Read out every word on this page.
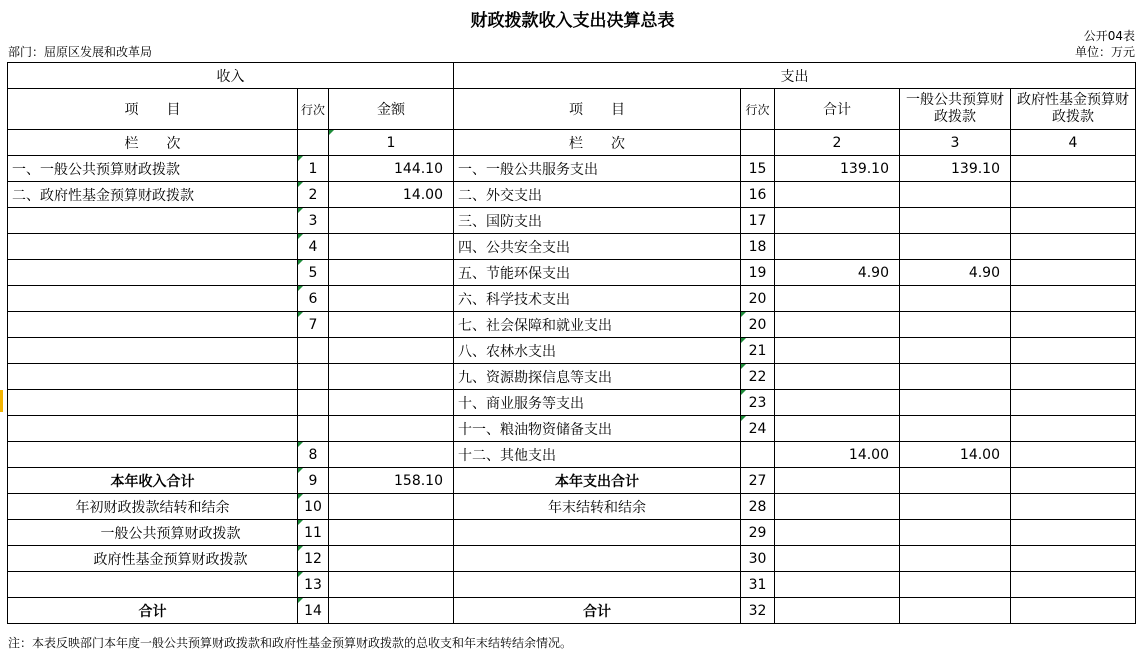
财政拨款收入支出决算总表
公开04表
部门：屈原区发展和改革局	单位：万元
收入			支出				
项　　目	行次	金额	项　　目	行次	合计	一般公共预算财政拨款	政府性基金预算财政拨款
栏　　次		1	栏　　次		2	3	4
一、一般公共预算财政拨款	1	144.10	一、一般公共服务支出	15	139.10	139.10	
二、政府性基金预算财政拨款	2	14.00	二、外交支出	16			
	3		三、国防支出	17			
	4		四、公共安全支出	18			
	5		五、节能环保支出	19	4.90	4.90	
	6		六、科学技术支出	20			
	7		七、社会保障和就业支出	20			
			八、农林水支出	21			
			九、资源勘探信息等支出	22			
			十、商业服务等支出	23			
			十一、粮油物资储备支出	24			
	8		十二、其他支出		14.00	14.00	
本年收入合计	9	158.10	本年支出合计	27			
年初财政拨款结转和结余	10		年末结转和结余	28			
一般公共预算财政拨款	11			29			
政府性基金预算财政拨款	12			30			
	13			31			
合计	14		合计	32			
注：本表反映部门本年度一般公共预算财政拨款和政府性基金预算财政拨款的总收支和年末结转结余情况。
